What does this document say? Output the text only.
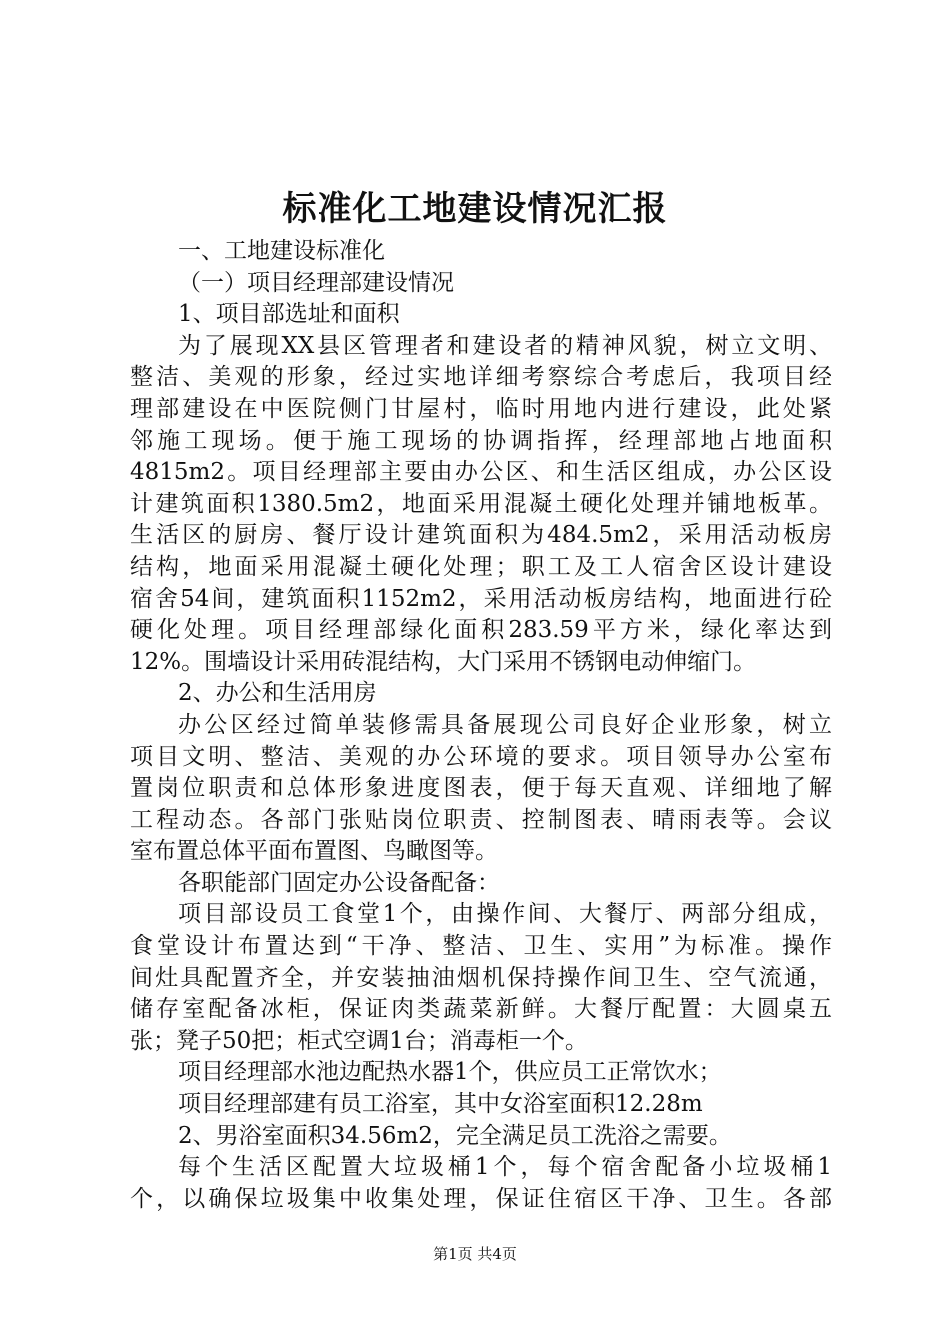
标准化工地建设情况汇报
一、工地建设标准化
（一）项目经理部建设情况
1、项目部选址和面积
为了展现XX县区管理者和建设者的精神风貌，树立文明、
整洁、美观的形象，经过实地详细考察综合考虑后，我项目经
理部建设在中医院侧门甘屋村，临时用地内进行建设，此处紧
邻施工现场。便于施工现场的协调指挥，经理部地占地面积
4815m2。项目经理部主要由办公区、和生活区组成，办公区设
计建筑面积1380.5m2，地面采用混凝土硬化处理并铺地板革。
生活区的厨房、餐厅设计建筑面积为484.5m2，采用活动板房
结构，地面采用混凝土硬化处理；职工及工人宿舍区设计建设
宿舍54间，建筑面积1152m2，采用活动板房结构，地面进行砼
硬化处理。项目经理部绿化面积283.59平方米，绿化率达到
12%。围墙设计采用砖混结构，大门采用不锈钢电动伸缩门。
2、办公和生活用房
办公区经过简单装修需具备展现公司良好企业形象，树立
项目文明、整洁、美观的办公环境的要求。项目领导办公室布
置岗位职责和总体形象进度图表，便于每天直观、详细地了解
工程动态。各部门张贴岗位职责、控制图表、晴雨表等。会议
室布置总体平面布置图、鸟瞰图等。
各职能部门固定办公设备配备：
项目部设员工食堂1个，由操作间、大餐厅、两部分组成，
食堂设计布置达到“干净、整洁、卫生、实用”为标准。操作
间灶具配置齐全，并安装抽油烟机保持操作间卫生、空气流通，
储存室配备冰柜，保证肉类蔬菜新鲜。大餐厅配置：大圆桌五
张；凳子50把；柜式空调1台；消毒柜一个。
项目经理部水池边配热水器1个，供应员工正常饮水；
项目经理部建有员工浴室，其中女浴室面积12.28m
2、男浴室面积34.56m2，完全满足员工洗浴之需要。
每个生活区配置大垃圾桶1个，每个宿舍配备小垃圾桶1
个，以确保垃圾集中收集处理，保证住宿区干净、卫生。各部
第1页 共4页
